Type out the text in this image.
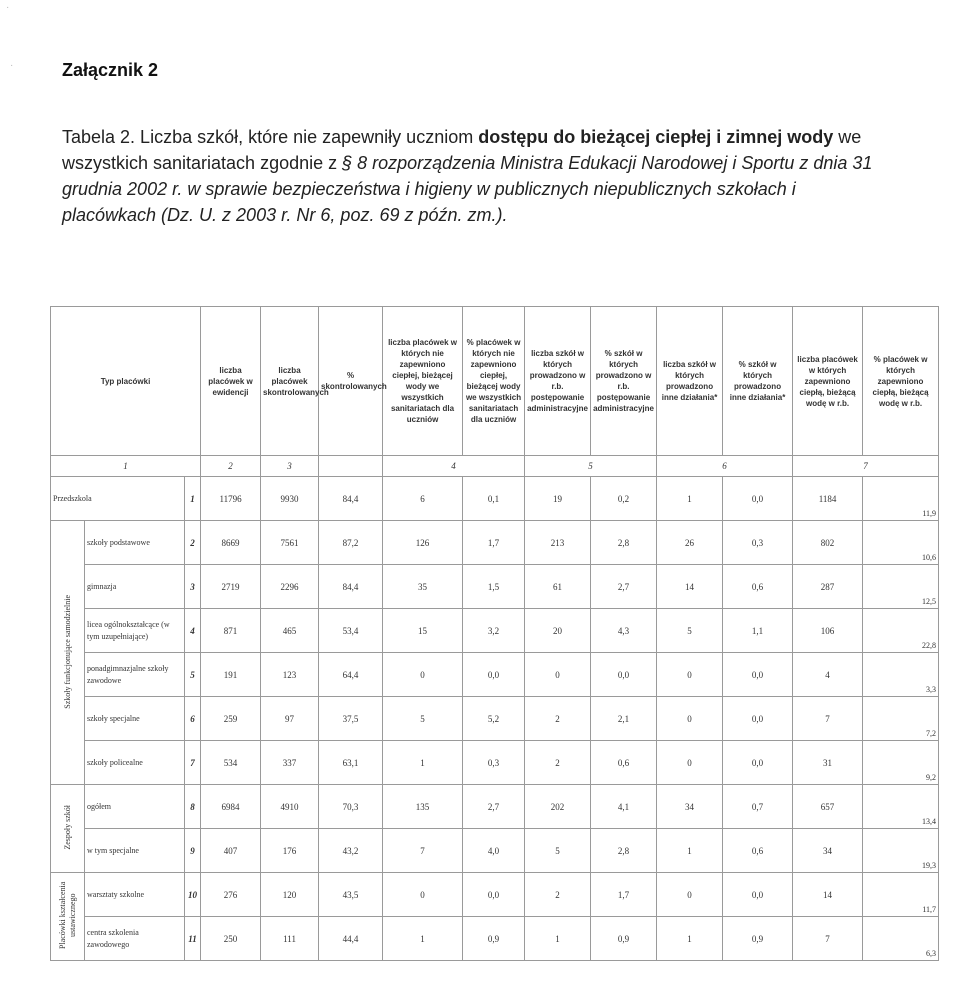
·
·	Załącznik 2
Tabela 2. Liczba szkół, które nie zapewniły uczniom dostępu do bieżącej ciepłej i zimnej wody we wszystkich sanitariatach zgodnie z § 8 rozporządzenia Ministra Edukacji Narodowej i Sportu z dnia 31 grudnia 2002 r. w sprawie bezpieczeństwa i higieny w publicznych niepublicznych szkołach i placówkach (Dz. U. z 2003 r. Nr 6, poz. 69 z późn. zm.).
Typ placówki			liczba placówek w ewidencji	liczba placówek skontrolowanych	% skontrolowanych	liczba placówek w których nie zapewniono ciepłej, bieżącej wody we wszystkich sanitariatach dla uczniów	% placówek w których nie zapewniono ciepłej, bieżącej wody we wszystkich sanitariatach dla uczniów	liczba szkół w których prowadzono w r.b. postępowanie administracyjne	% szkół w których prowadzono w r.b. postępowanie administracyjne	liczba szkół w których prowadzono inne działania*	% szkół w których prowadzono inne działania*	liczba placówek w których zapewniono ciepłą, bieżącą wodę w r.b.	% placówek w których zapewniono ciepłą, bieżącą wodę w r.b.
1			2	3		4		5		6		7	
Przedszkola		1	11796	9930	84,4	6	0,1	19	0,2	1	0,0	1184	11,9

Szkoły funkcjonujące samodzielnie	szkoły podstawowe	2	8669	7561	87,2	126	1,7	213	2,8	26	0,3	802	10,6

	gimnazja	3	2719	2296	84,4	35	1,5	61	2,7	14	0,6	287	12,5

	licea ogólnokształcące (w tym uzupełniające)	4	871	465	53,4	15	3,2	20	4,3	5	1,1	106	22,8

	ponadgimnazjalne szkoły zawodowe	5	191	123	64,4	0	0,0	0	0,0	0	0,0	4	3,3

	szkoły specjalne	6	259	97	37,5	5	5,2	2	2,1	0	0,0	7	7,2

	szkoły policealne	7	534	337	63,1	1	0,3	2	0,6	0	0,0	31	9,2

Zespoły szkół	ogółem	8	6984	4910	70,3	135	2,7	202	4,1	34	0,7	657	13,4

	w tym specjalne	9	407	176	43,2	7	4,0	5	2,8	1	0,6	34	19,3

Placówki kształcenia ustawicznego	warsztaty szkolne	10	276	120	43,5	0	0,0	2	1,7	0	0,0	14	11,7

	centra szkolenia zawodowego	11	250	111	44,4	1	0,9	1	0,9	1	0,9	7	6,3
